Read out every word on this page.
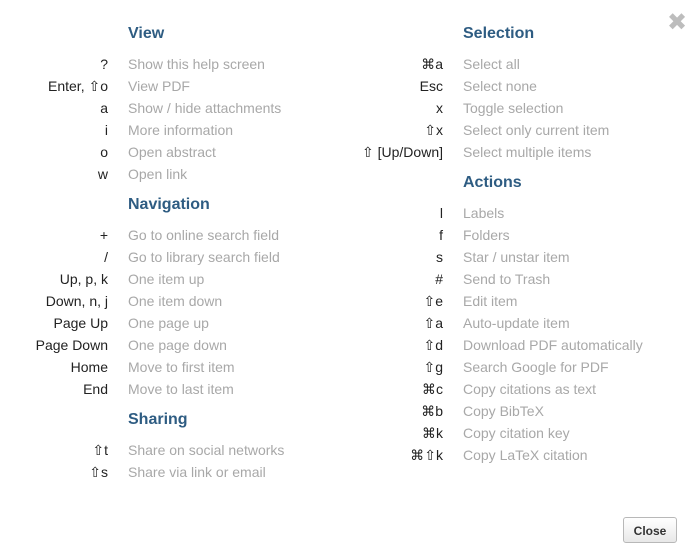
✖
View
? Show this help screen
Enter, ⇧o View PDF
a Show / hide attachments
i More information
o Open abstract
w Open link
Navigation
+ Go to online search field
/ Go to library search field
Up, p, k One item up
Down, n, j One item down
Page Up One page up
Page Down One page down
Home Move to first item
End Move to last item
Sharing
⇧t Share on social networks
⇧s Share via link or email
Selection
⌘a Select all
Esc Select none
x Toggle selection
⇧x Select only current item
⇧ [Up/Down] Select multiple items
Actions
l Labels
f Folders
s Star / unstar item
# Send to Trash
⇧e Edit item
⇧a Auto-update item
⇧d Download PDF automatically
⇧g Search Google for PDF
⌘c Copy citations as text
⌘b Copy BibTeX
⌘k Copy citation key
⌘⇧k Copy LaTeX citation
Close
